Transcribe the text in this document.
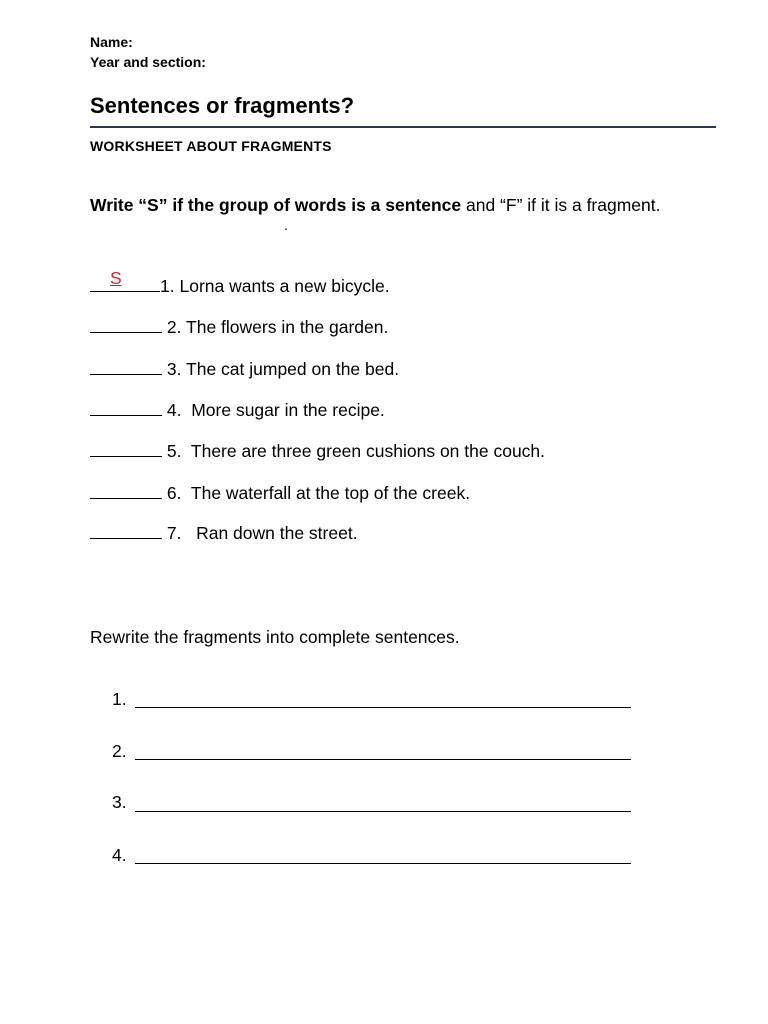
Name:
Year and section:
Sentences or fragments?
WORKSHEET ABOUT FRAGMENTS
Write “S” if the group of words is a sentence and “F” if it is a fragment.
.
S 1. Lorna wants a new bicycle.
2. The flowers in the garden.
3. The cat jumped on the bed.
4. More sugar in the recipe.
5. There are three green cushions on the couch.
6. The waterfall at the top of the creek.
7. Ran down the street.
Rewrite the fragments into complete sentences.
1.
2.
3.
4.
